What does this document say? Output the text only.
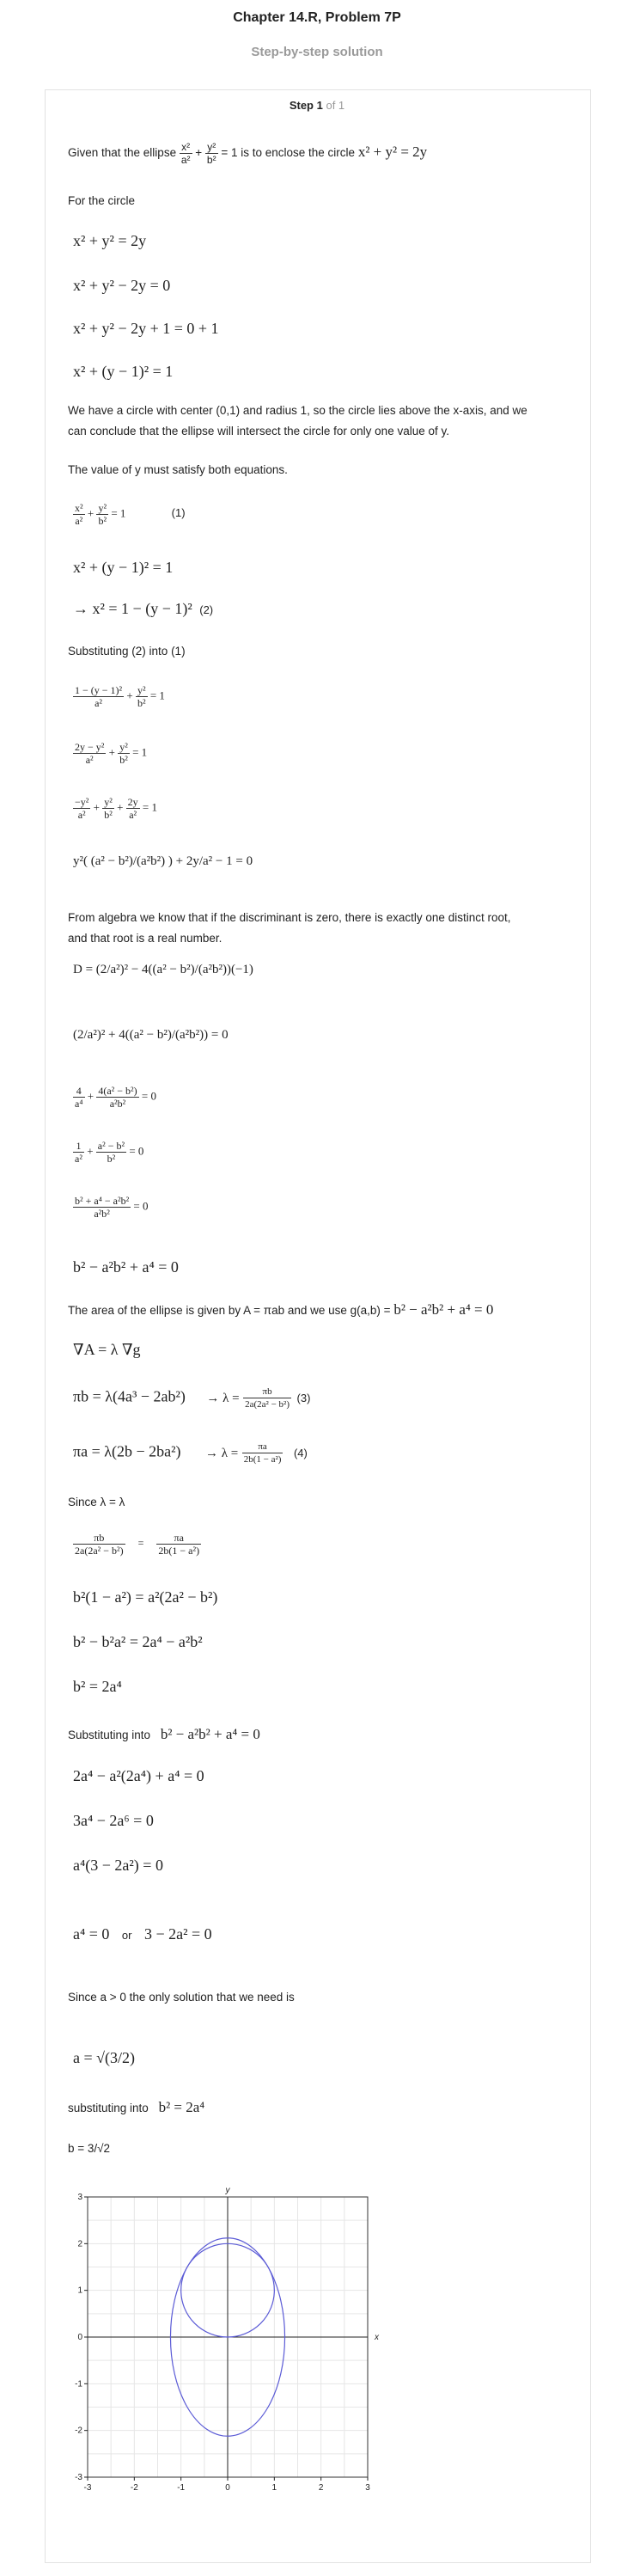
Chapter 14.R, Problem 7P
Step-by-step solution
Step 1 of 1
Given that the ellipse $\frac{\text{x²}}{\text{a²}} + \frac{\text{y²}}{\text{b²}} = 1$ is to enclose the circle x² + y² = 2y
For the circle
x² + y² = 2y
x² + y² − 2y = 0
x² + y² − 2y + 1 = 0 + 1
x² + (y − 1)² = 1
We have a circle with center (0,1) and radius 1, so the circle lies above the x-axis, and we
can conclude that the ellipse will intersect the circle for only one value of y.
The value of y must satisfy both equations.
$\frac{\text{x²}}{\text{a²}} + \frac{\text{y²}}{\text{b²}} = 1$	(1)
x² + (y − 1)² = 1
→ x² = 1 − (y − 1)² (2)
Substituting (2) into (1)
$\frac{\text{1 − (y − 1)²}}{\text{a²}} + \frac{\text{y²}}{\text{b²}} = 1$
$\frac{\text{2y − y²}}{\text{a²}} + \frac{\text{y²}}{\text{b²}} = 1$
$\frac{\text{−y²}}{\text{a²}} + \frac{\text{y²}}{\text{b²}} + \frac{2y}{\text{a²}} = 1$
y²( (a² − b²)/(a²b²) ) + 2y/a² − 1 = 0
From algebra we know that if the discriminant is zero, there is exactly one distinct root,
and that root is a real number.
D = (2/a²)² − 4((a² − b²)/(a²b²))(−1)
(2/a²)² + 4((a² − b²)/(a²b²)) = 0
$\frac{4}{\text{a⁴}} + \frac{\text{4(a² − b²)}}{\text{a²b²}} = 0$
$\frac{1}{\text{a²}} + \frac{\text{a² − b²}}{\text{b²}} = 0$
$\frac{\text{b² + a⁴ − a²b²}}{\text{a²b²}} = 0$
b² − a²b² + a⁴ = 0
The area of the ellipse is given by A = πab and we use g(a,b) = b² − a²b² + a⁴ = 0
∇A = λ ∇g
$\pi b = \lambda(4a^3 - 2ab^2) \to \lambda = \frac{\pi b}{\text{2a(2a² − b²)}} (3)$
$\pi a = \lambda(2b - 2ba^2) \to \lambda = \frac{\pi a}{\text{2b(1 − a²)}} (4)$
Since λ = λ
$\frac{\pi b}{\text{2a(2a² − b²)}} = \frac{\pi a}{\text{2b(1 − a²)}}$
b²(1 − a²) = a²(2a² − b²)
b² − b²a² = 2a⁴ − a²b²
b² = 2a⁴
Substituting into b² − a²b² + a⁴ = 0
2a⁴ − a²(2a⁴) + a⁴ = 0
3a⁴ − 2a⁶ = 0
a⁴(3 − 2a²) = 0
a⁴ = 0 or 3 − 2a² = 0
Since a > 0 the only solution that we need is
a = √(3/2)
substituting into b² = 2a⁴
b = 3/√2
-3	-2	-1	0	1	2	3
3
2
1
0
-1
-2
-3
x
y
